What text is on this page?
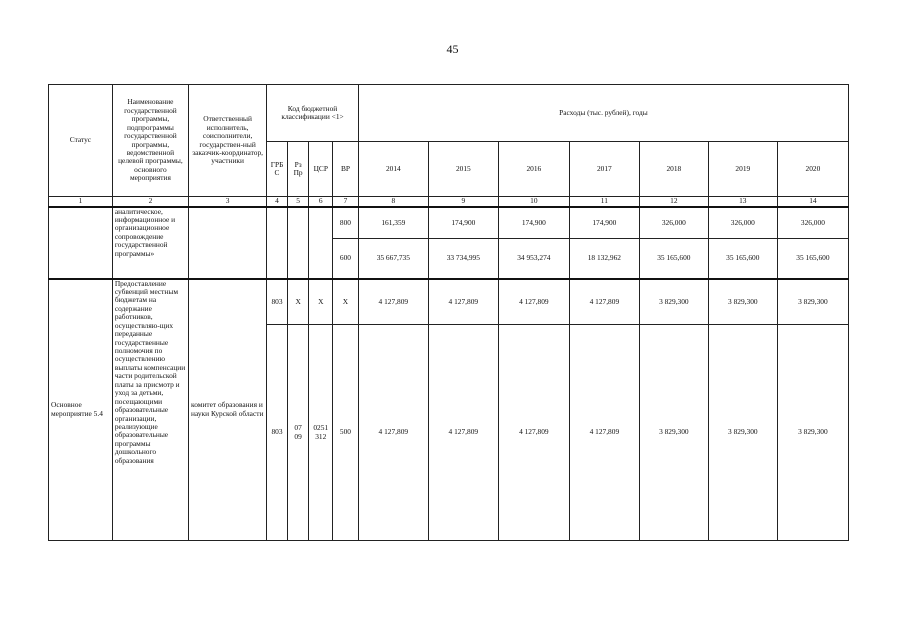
45
Статус	Наименование государственной программы, подпрограммы государственной программы, ведомственной целевой программы, основного мероприятия	Ответственный исполнитель, соисполнители, государствен-ный заказчик-координатор, участники	Код бюджетной классификации <1>				Расходы (тыс. рублей), годы						
			ГРБ С	Рз Пр	ЦСР	ВР	2014	2015	2016	2017	2018	2019	2020
1	2	3	4	5	6	7	8	9	10	11	12	13	14
	аналитическое, информационное и организационное сопровождение государственной программы»					800	161,359	174,900	174,900	174,900	326,000	326,000	326,000
						600	35 667,735	33 734,995	34 953,274	18 132,962	35 165,600	35 165,600	35 165,600
Основное мероприятие 5.4	Предоставление субвенций местным бюджетам на содержание работников, осуществляю-щих переданные государственные полномочия по осуществлению выплаты компенсации части родительской платы за присмотр и уход за детьми, посещающими образовательные организации, реализующие образовательные программы дошкольного образования	комитет образования и науки Курской области	803	Х	Х	Х	4 127,809	4 127,809	4 127,809	4 127,809	3 829,300	3 829,300	3 829,300
			803	07 09	0251 312	500	4 127,809	4 127,809	4 127,809	4 127,809	3 829,300	3 829,300	3 829,300
